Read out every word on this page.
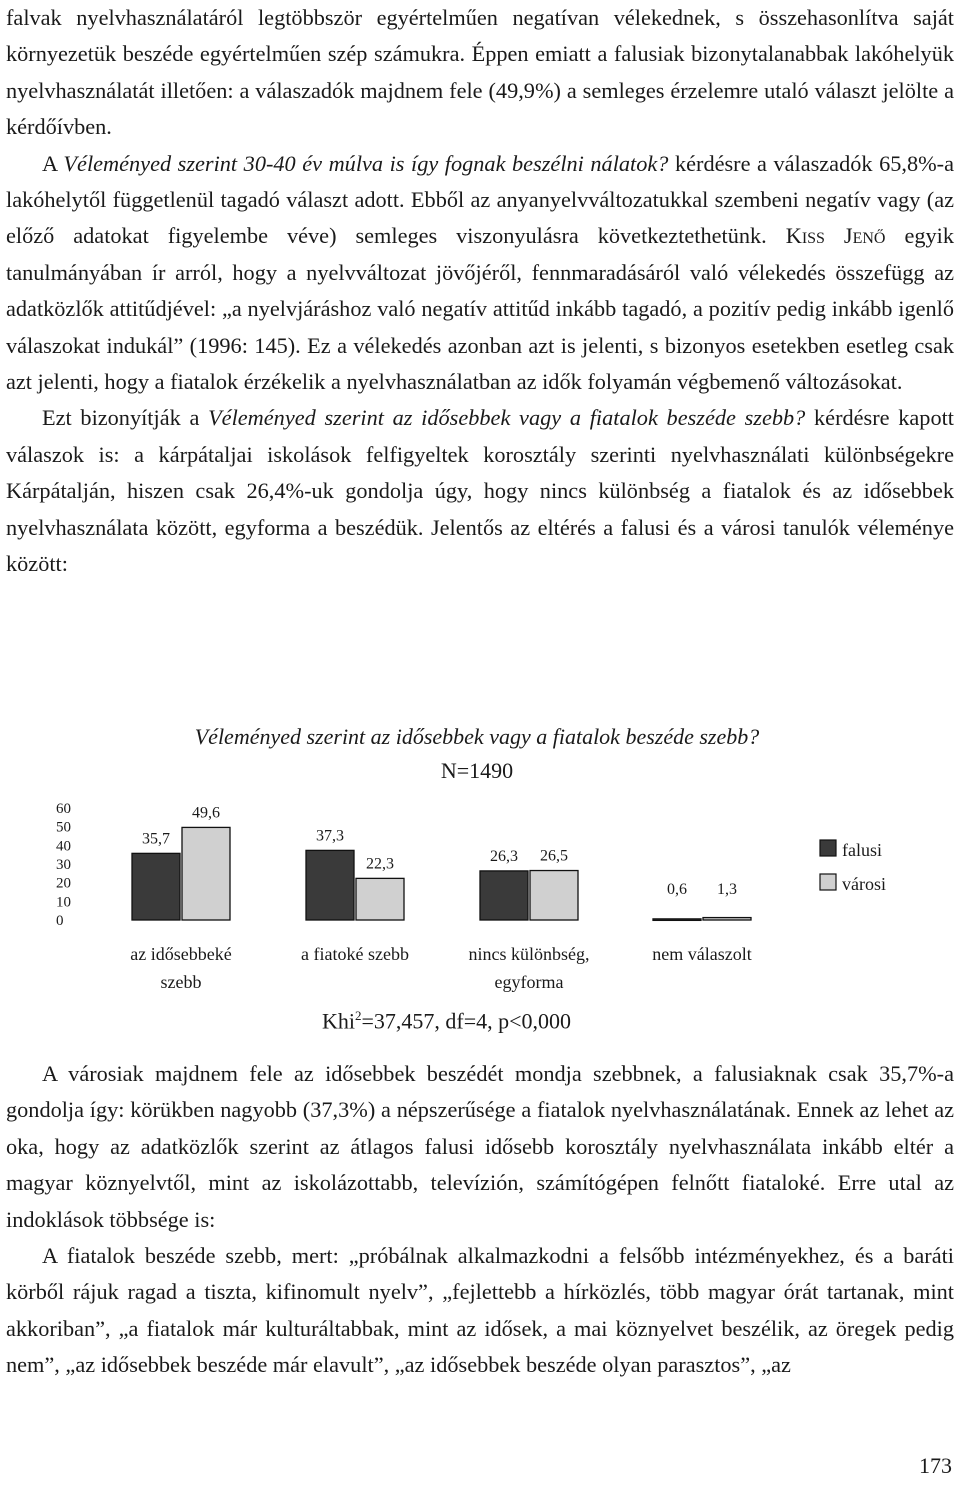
falvak nyelvhasználatáról legtöbbször egyértelműen negatívan vélekednek, s összehasonlítva saját környezetük beszéde egyértelműen szép számukra. Éppen emiatt a falusiak bizonytalanabbak lakóhelyük nyelvhasználatát illetően: a válaszadók majdnem fele (49,9%) a semleges érzelemre utaló választ jelölte a kérdőívben.

A Véleményed szerint 30-40 év múlva is így fognak beszélni nálatok? kérdésre a válaszadók 65,8%-a lakóhelytől függetlenül tagadó választ adott. Ebből az anyanyelvváltozatukkal szembeni negatív vagy (az előző adatokat figyelembe véve) semleges viszonyulásra következtethetünk. Kiss Jenő egyik tanulmányában ír arról, hogy a nyelvváltozat jövőjéről, fennmaradásáról való vélekedés összefügg az adatközlők attitűdjével: „a nyelvjáráshoz való negatív attitűd inkább tagadó, a pozitív pedig inkább igenlő válaszokat indukál” (1996: 145). Ez a vélekedés azonban azt is jelenti, s bizonyos esetekben esetleg csak azt jelenti, hogy a fiatalok érzékelik a nyelvhasználatban az idők folyamán végbemenő változásokat.

Ezt bizonyítják a Véleményed szerint az idősebbek vagy a fiatalok beszéde szebb? kérdésre kapott válaszok is: a kárpátaljai iskolások felfigyeltek korosztály szerinti nyelvhasználati különbségekre Kárpátalján, hiszen csak 26,4%-uk gondolja úgy, hogy nincs különbség a fiatalok és az idősebbek nyelvhasználata között, egyforma a beszédük. Jelentős az eltérés a falusi és a városi tanulók véleménye között:

Véleményed szerint az idősebbek vagy a fiatalok beszéde szebb?
N=1490
60
50
40
30
20
10
0
35,7
49,6
az idősebbeké
szebb
37,3
22,3
a fiatoké szebb
26,3 26,5
nincs különbség,
egyforma
0,6 1,3
nem válaszolt
falusi
városi
Khi$^2$=37,457, df=4, p<0,000

A városiak majdnem fele az idősebbek beszédét mondja szebbnek, a falusiaknak csak 35,7%-a gondolja így: körükben nagyobb (37,3%) a népszerűsége a fiatalok nyelvhasználatának. Ennek az lehet az oka, hogy az adatközlők szerint az átlagos falusi idősebb korosztály nyelvhasználata inkább eltér a magyar köznyelvtől, mint az iskolázottabb, televízión, számítógépen felnőtt fiataloké. Erre utal az indoklások többsége is:

A fiatalok beszéde szebb, mert: „próbálnak alkalmazkodni a felsőbb intézményekhez, és a baráti körből rájuk ragad a tiszta, kifinomult nyelv”, „fejlettebb a hírközlés, több magyar órát tartanak, mint akkoriban”, „a fiatalok már kulturáltabbak, mint az idősek, a mai köznyelvet beszélik, az öregek pedig nem”, „az idősebbek beszéde már elavult”, „az idősebbek beszéde olyan parasztos”, „az

173
